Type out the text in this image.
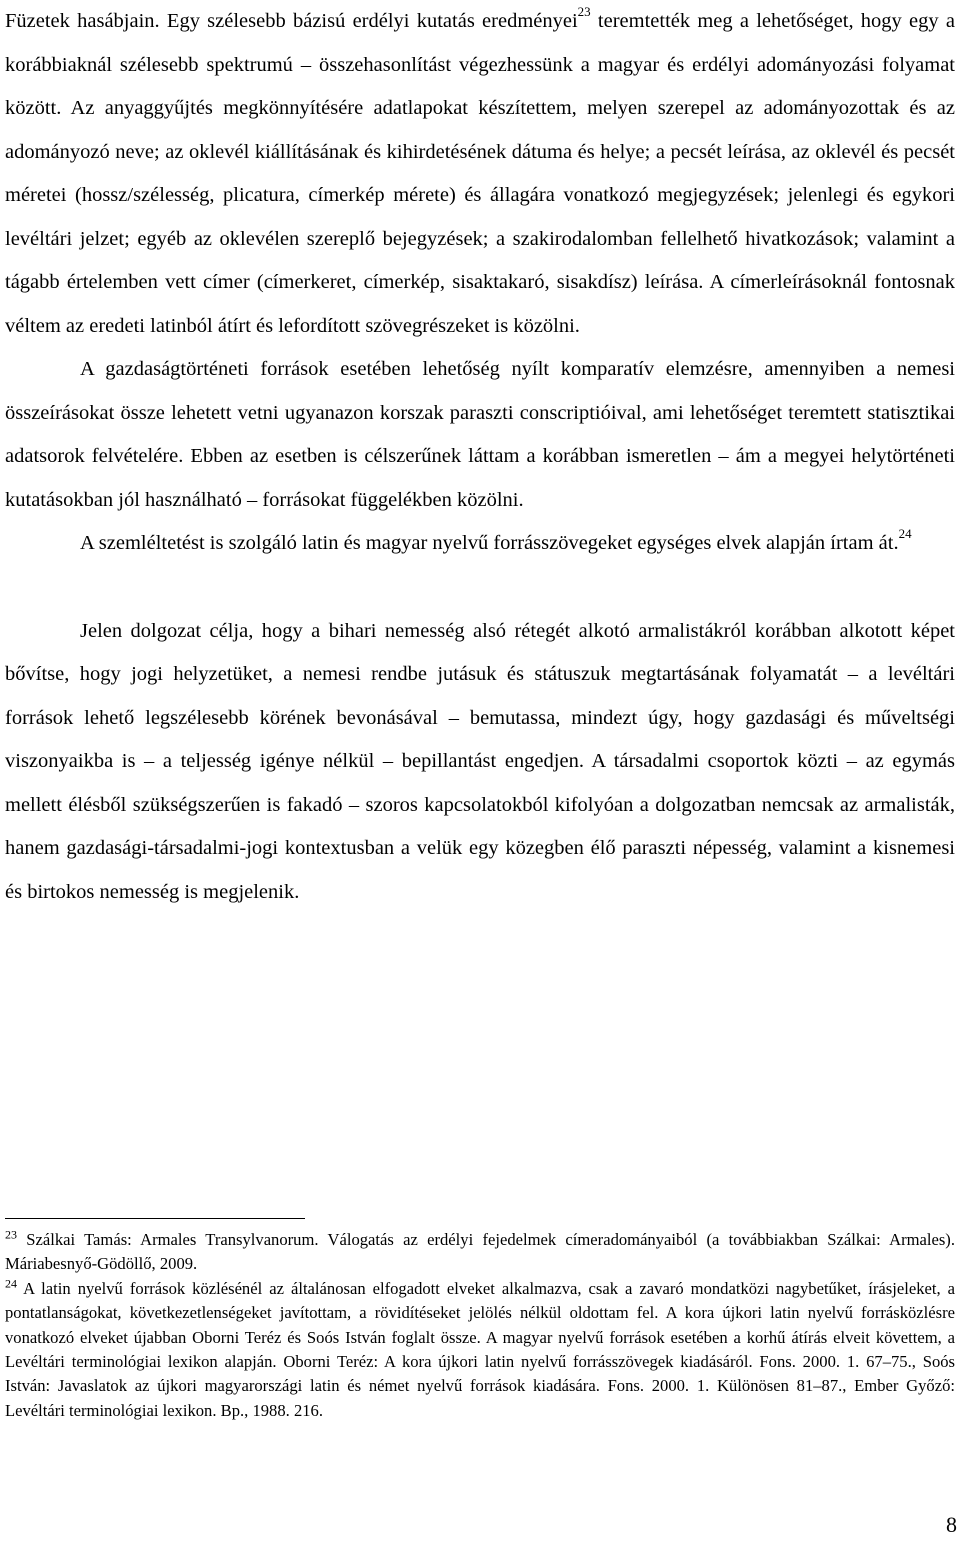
Füzetek hasábjain. Egy szélesebb bázisú erdélyi kutatás eredményei$^{23}$ teremtették meg a lehetőséget, hogy egy a korábbiaknál szélesebb spektrumú – összehasonlítást végezhessünk a magyar és erdélyi adományozási folyamat között. Az anyaggyűjtés megkönnyítésére adatlapokat készítettem, melyen szerepel az adományozottak és az adományozó neve; az oklevél kiállításának és kihirdetésének dátuma és helye; a pecsét leírása, az oklevél és pecsét méretei (hossz/szélesség, plicatura, címerkép mérete) és állagára vonatkozó megjegyzések; jelenlegi és egykori levéltári jelzet; egyéb az oklevélen szereplő bejegyzések; a szakirodalomban fellelhető hivatkozások; valamint a tágabb értelemben vett címer (címerkeret, címerkép, sisaktakaró, sisakdísz) leírása. A címerleírásoknál fontosnak véltem az eredeti latinból átírt és lefordított szövegrészeket is közölni.

A gazdaságtörténeti források esetében lehetőség nyílt komparatív elemzésre, amennyiben a nemesi összeírásokat össze lehetett vetni ugyanazon korszak paraszti conscriptióival, ami lehetőséget teremtett statisztikai adatsorok felvételére. Ebben az esetben is célszerűnek láttam a korábban ismeretlen – ám a megyei helytörténeti kutatásokban jól használható – forrásokat függelékben közölni.

A szemléltetést is szolgáló latin és magyar nyelvű forrásszövegeket egységes elvek alapján írtam át.$^{24}$

Jelen dolgozat célja, hogy a bihari nemesség alsó rétegét alkotó armalistákról korábban alkotott képet bővítse, hogy jogi helyzetüket, a nemesi rendbe jutásuk és státuszuk megtartásának folyamatát – a levéltári források lehető legszélesebb körének bevonásával – bemutassa, mindezt úgy, hogy gazdasági és műveltségi viszonyaikba is – a teljesség igénye nélkül – bepillantást engedjen. A társadalmi csoportok közti – az egymás mellett élésből szükségszerűen is fakadó – szoros kapcsolatokból kifolyóan a dolgozatban nemcsak az armalisták, hanem gazdasági-társadalmi-jogi kontextusban a velük egy közegben élő paraszti népesség, valamint a kisnemesi és birtokos nemesség is megjelenik.

$^{23}$ Szálkai Tamás: Armales Transylvanorum. Válogatás az erdélyi fejedelmek címeradományaiból (a továbbiakban Szálkai: Armales). Máriabesnyő-Gödöllő, 2009.

$^{24}$ A latin nyelvű források közlésénél az általánosan elfogadott elveket alkalmazva, csak a zavaró mondatközi nagybetűket, írásjeleket, a pontatlanságokat, következetlenségeket javítottam, a rövidítéseket jelölés nélkül oldottam fel. A kora újkori latin nyelvű forrásközlésre vonatkozó elveket újabban Oborni Teréz és Soós István foglalt össze. A magyar nyelvű források esetében a korhű átírás elveit követtem, a Levéltári terminológiai lexikon alapján. Oborni Teréz: A kora újkori latin nyelvű forrásszövegek kiadásáról. Fons. 2000. 1. 67–75., Soós István: Javaslatok az újkori magyarországi latin és német nyelvű források kiadására. Fons. 2000. 1. Különösen 81–87., Ember Győző: Levéltári terminológiai lexikon. Bp., 1988. 216.

8
